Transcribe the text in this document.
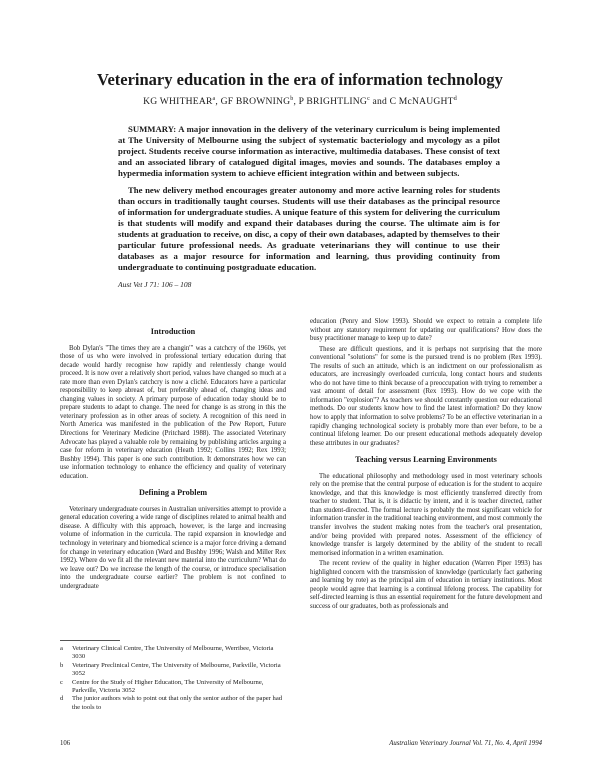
Veterinary education in the era of information technology
KG WHITHEAR$^a$, GF BROWNING$^b$, P BRIGHTLING$^c$ and C McNAUGHT$^d$

SUMMARY: A major innovation in the delivery of the veterinary curriculum is being implemented at The University of Melbourne using the subject of systematic bacteriology and mycology as a pilot project. Students receive course information as interactive, multimedia databases. These consist of text and an associated library of catalogued digital images, movies and sounds. The databases employ a hypermedia information system to achieve efficient integration within and between subjects.

The new delivery method encourages greater autonomy and more active learning roles for students than occurs in traditionally taught courses. Students will use their databases as the principal resource of information for undergraduate studies. A unique feature of this system for delivering the curriculum is that students will modify and expand their databases during the course. The ultimate aim is for students at graduation to receive, on disc, a copy of their own databases, adapted by themselves to their particular future professional needs. As graduate veterinarians they will continue to use their databases as a major resource for information and learning, thus providing continuity from undergraduate to continuing postgraduate education.

Aust Vet J 71: 106 – 108

Introduction

Bob Dylan's "The times they are a changin'" was a catchcry of the 1960s, yet those of us who were involved in professional tertiary education during that decade would hardly recognise how rapidly and relentlessly change would proceed. It is now over a relatively short period, values have changed so much at a rate more than even Dylan's catchcry is now a cliché. Educators have a particular responsibility to keep abreast of, but preferably ahead of, changing ideas and changing values in society. A primary purpose of education today should be to prepare students to adapt to change. The need for change is as strong in this the veterinary profession as in other areas of society. A recognition of this need in North America was manifested in the publication of the Pew Report, Future Directions for Veterinary Medicine (Pritchard 1988). The associated Veterinary Advocate has played a valuable role by remaining by publishing articles arguing a case for reform in veterinary education (Heath 1992; Collins 1992; Rex 1993; Bushby 1994). This paper is one such contribution. It demonstrates how we can use information technology to enhance the efficiency and quality of veterinary education.

Defining a Problem

Veterinary undergraduate courses in Australian universities attempt to provide a general education covering a wide range of disciplines related to animal health and disease. A difficulty with this approach, however, is the large and increasing volume of information in the curricula. The rapid expansion in knowledge and technology in veterinary and biomedical science is a major force driving a demand for change in veterinary education (Ward and Bushby 1996; Walsh and Miller Rex 1992). Where do we fit all the relevant new material into the curriculum? What do we leave out? Do we increase the length of the course, or introduce specialisation into the undergraduate course earlier? The problem is not confined to undergraduate

a	Veterinary Clinical Centre, The University of Melbourne, Werribee, Victoria 3030
b	Veterinary Preclinical Centre, The University of Melbourne, Parkville, Victoria 3052
c	Centre for the Study of Higher Education, The University of Melbourne, Parkville, Victoria 3052
d	The junior authors wish to point out that only the senior author of the paper had the tools to

education (Penry and Slow 1993). Should we expect to retrain a complete life without any statutory requirement for updating our qualifications? How does the busy practitioner manage to keep up to date?

These are difficult questions, and it is perhaps not surprising that the more conventional "solutions" for some is the pursued trend is no problem (Rex 1993). The results of such an attitude, which is an indictment on our professionalism as educators, are increasingly overloaded curricula, long contact hours and students who do not have time to think because of a preoccupation with trying to remember a vast amount of detail for assessment (Rex 1993). How do we cope with the information "explosion"? As teachers we should constantly question our educational methods. Do our students know how to find the latest information? Do they know how to apply that information to solve problems? To be an effective veterinarian in a rapidly changing technological society is probably more than ever before, to be a continual lifelong learner. Do our present educational methods adequately develop these attributes in our graduates?

Teaching versus Learning Environments

The educational philosophy and methodology used in most veterinary schools rely on the premise that the central purpose of education is for the student to acquire knowledge, and that this knowledge is most efficiently transferred directly from teacher to student. That is, it is didactic by intent, and it is teacher directed, rather than student-directed. The formal lecture is probably the most significant vehicle for information transfer in the traditional teaching environment, and most commonly the transfer involves the student making notes from the teacher's oral presentation, and/or being provided with prepared notes. Assessment of the efficiency of knowledge transfer is largely determined by the ability of the student to recall memorised information in a written examination.

The recent review of the quality in higher education (Warren Piper 1993) has highlighted concern with the transmission of knowledge (particularly fact gathering and learning by rote) as the principal aim of education in tertiary institutions. Most people would agree that learning is a continual lifelong process. The capability for self-directed learning is thus an essential requirement for the future development and success of our graduates, both as professionals and

106	Australian Veterinary Journal Vol. 71, No. 4, April 1994
